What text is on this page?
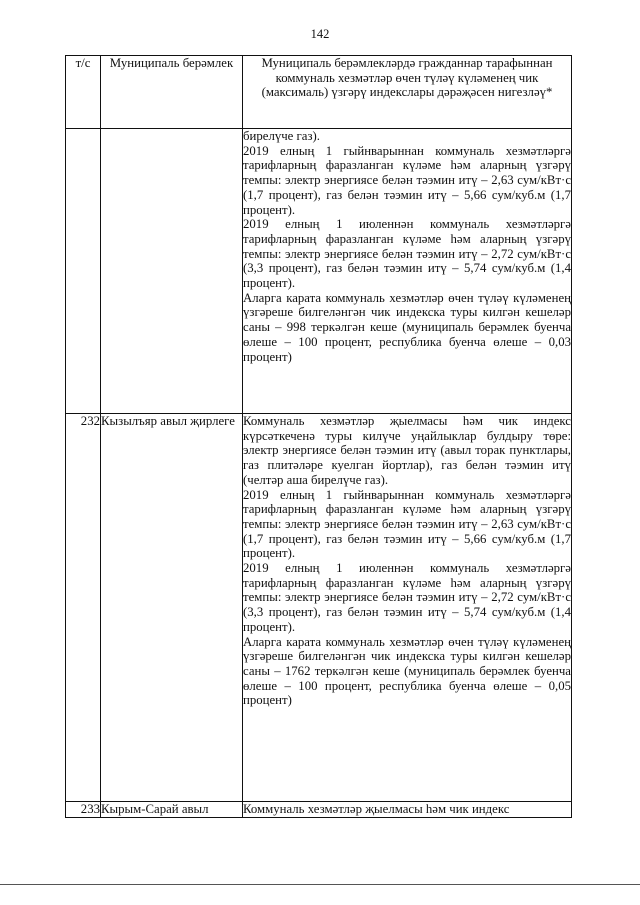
142
т/с	Муниципаль берәмлек	Муниципаль берәмлекләрдә гражданнар тарафыннан коммуналь хезмәтләр өчен түләү күләменең чик (максималь) үзгәрү индекслары дәрәҗәсен нигезләү*

		бирелүче газ).
2019 елның 1 гыйнварыннан коммуналь хезмәтләргә тарифларның фаразланган күләме һәм аларның үзгәрү темпы: электр энергиясе белән тәэмин итү – 2,63 сум/кВт·с (1,7 процент), газ белән тәэмин итү – 5,66 сум/куб.м (1,7 процент).
2019 елның 1 июленнән коммуналь хезмәтләргә тарифларның фаразланган күләме һәм аларның үзгәрү темпы: электр энергиясе белән тәэмин итү – 2,72 сум/кВт·с (3,3 процент), газ белән тәэмин итү – 5,74 сум/куб.м (1,4 процент).
Аларга карата коммуналь хезмәтләр өчен түләү күләменең үзгәреше билгеләнгән чик индекска туры килгән кешеләр саны – 998 теркәлгән кеше (муниципаль берәмлек буенча өлеше – 100 процент, республика буенча өлеше – 0,03 процент)

232	Кызылъяр авыл җирлеге	Коммуналь хезмәтләр җыелмасы һәм чик индекс күрсәткеченә туры килүче уңайлыклар булдыру төре: электр энергиясе белән тәэмин итү (авыл торак пунктлары, газ плитәләре куелган йортлар), газ белән тәэмин итү (челтәр аша бирелүче газ).
2019 елның 1 гыйнварыннан коммуналь хезмәтләргә тарифларның фаразланган күләме һәм аларның үзгәрү темпы: электр энергиясе белән тәэмин итү – 2,63 сум/кВт·с (1,7 процент), газ белән тәэмин итү – 5,66 сум/куб.м (1,7 процент).
2019 елның 1 июленнән коммуналь хезмәтләргә тарифларның фаразланган күләме һәм аларның үзгәрү темпы: электр энергиясе белән тәэмин итү – 2,72 сум/кВт·с (3,3 процент), газ белән тәэмин итү – 5,74 сум/куб.м (1,4 процент).
Аларга карата коммуналь хезмәтләр өчен түләү күләменең үзгәреше билгеләнгән чик индекска туры килгән кешеләр саны – 1762 теркәлгән кеше (муниципаль берәмлек буенча өлеше – 100 процент, республика буенча өлеше – 0,05 процент)

233	Кырым-Сарай авыл	Коммуналь хезмәтләр җыелмасы һәм чик индекс
